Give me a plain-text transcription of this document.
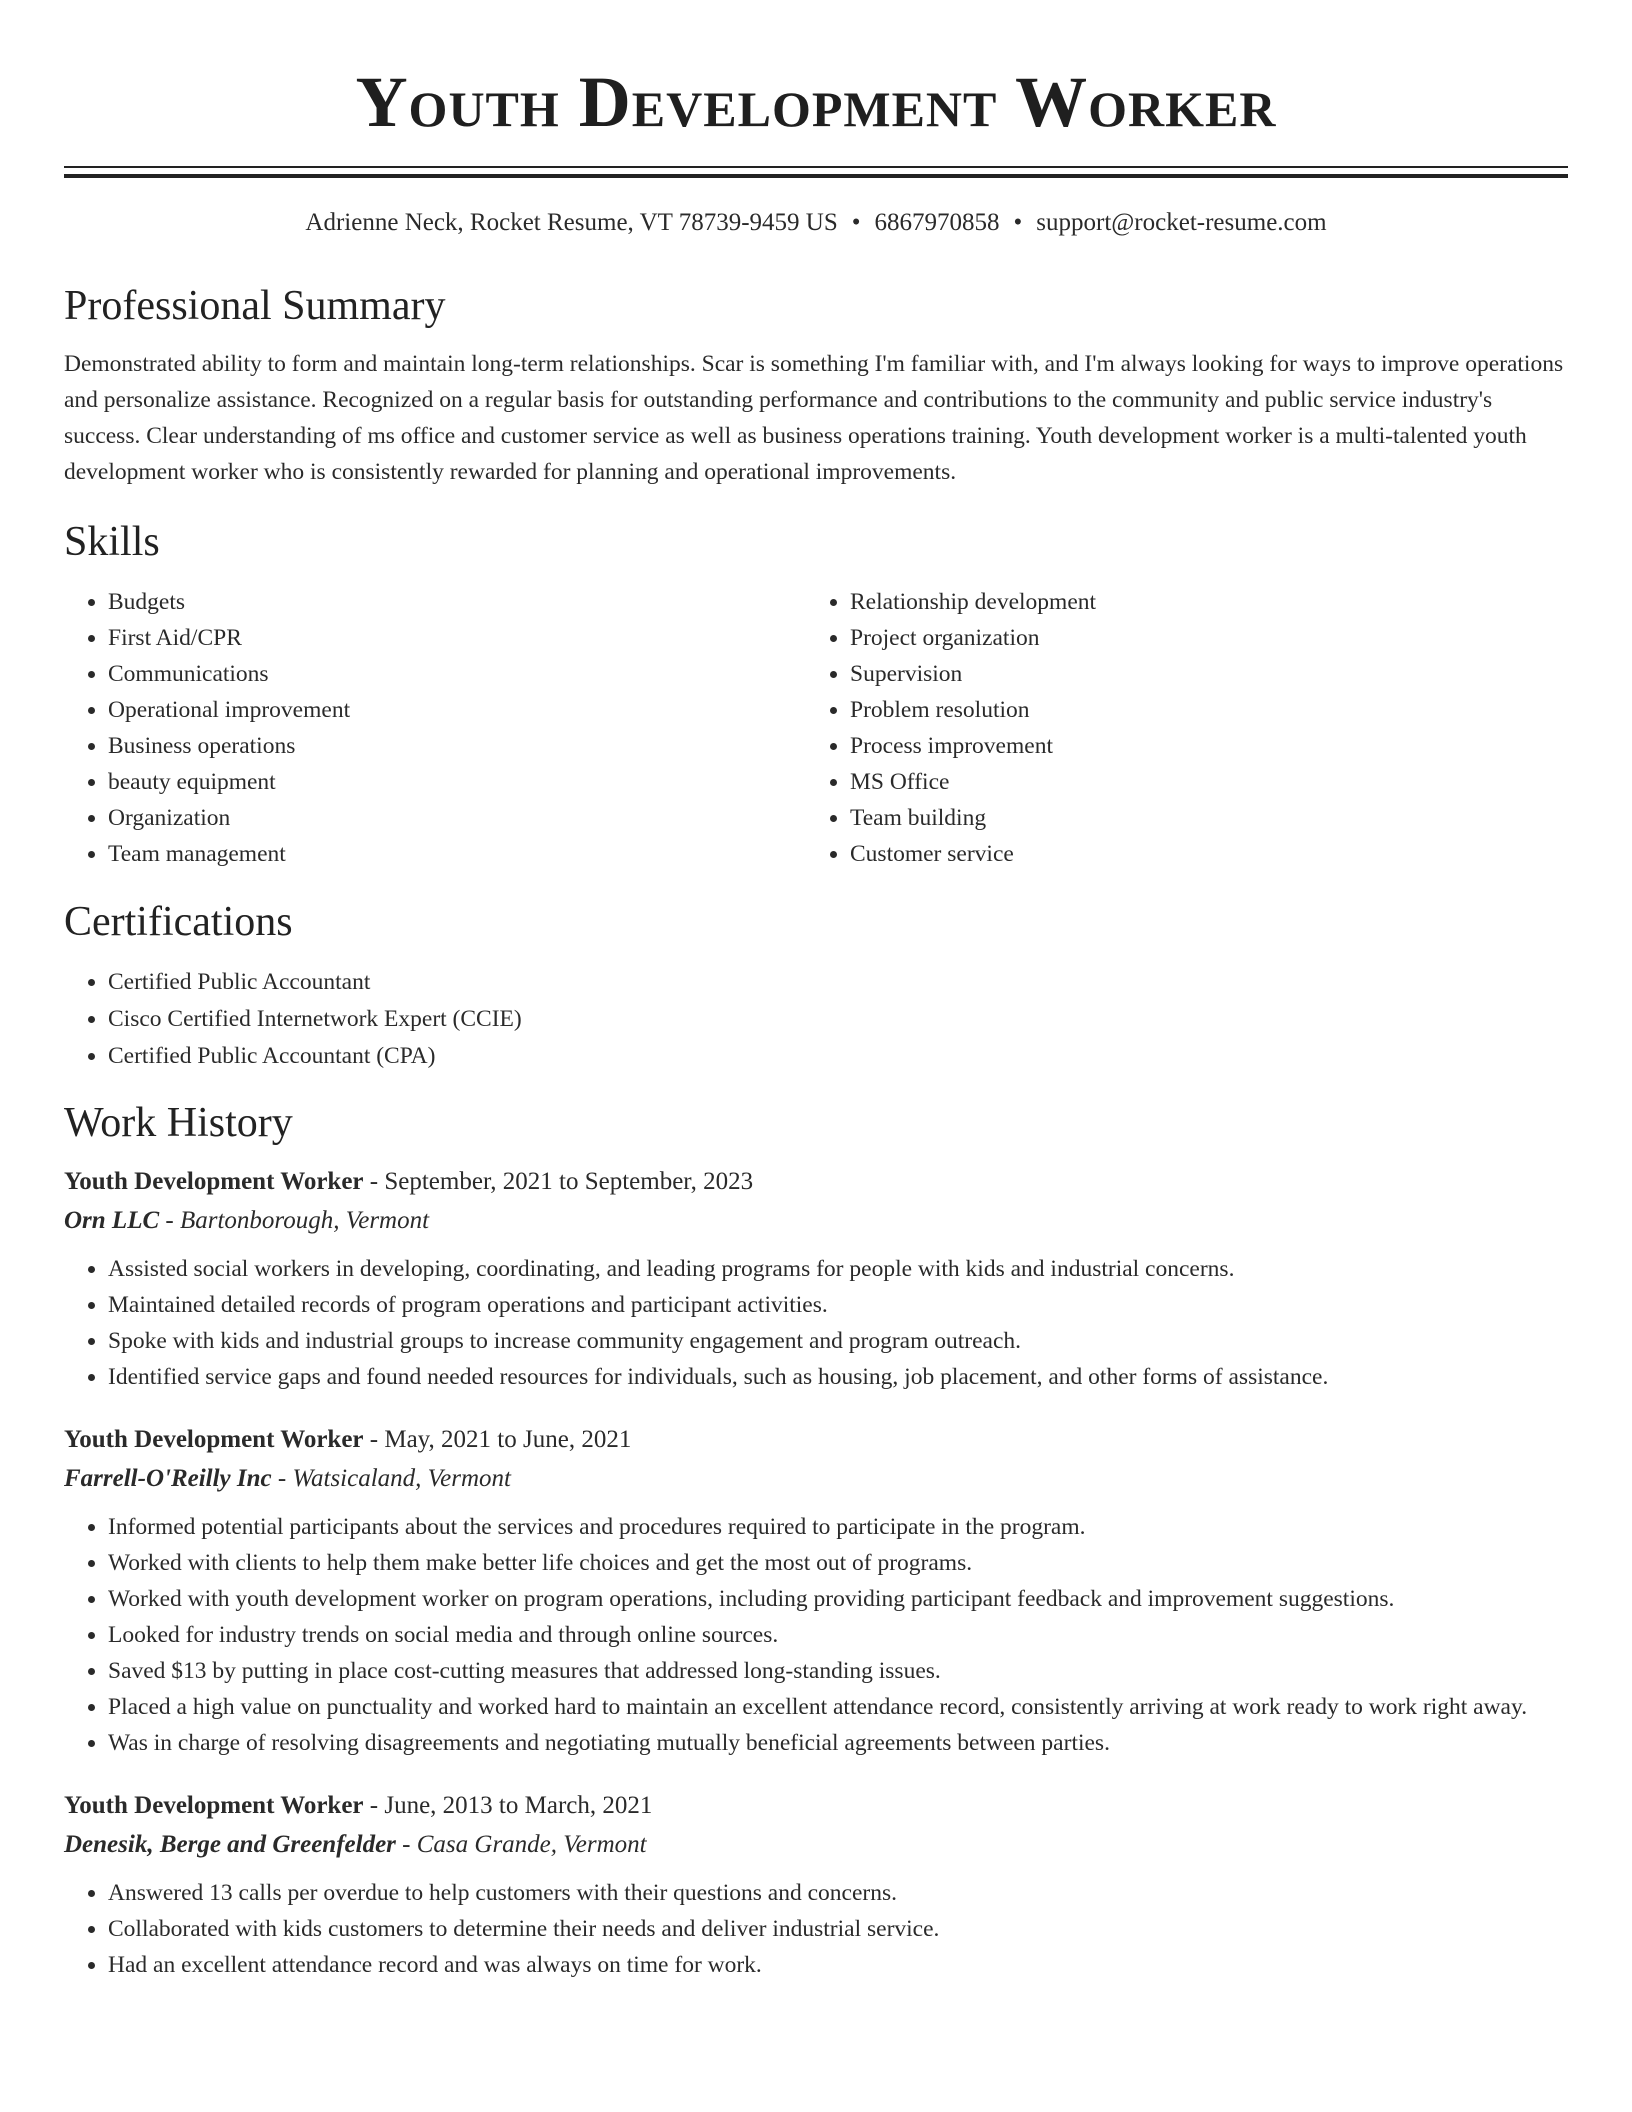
Youth Development Worker
Adrienne Neck, Rocket Resume, VT 78739-9459 US • 6867970858 • support@rocket-resume.com
Professional Summary
Demonstrated ability to form and maintain long-term relationships. Scar is something I'm familiar with, and I'm always looking for ways to improve operations and personalize assistance. Recognized on a regular basis for outstanding performance and contributions to the community and public service industry's success. Clear understanding of ms office and customer service as well as business operations training. Youth development worker is a multi-talented youth development worker who is consistently rewarded for planning and operational improvements.
Skills
• Budgets
• First Aid/CPR
• Communications
• Operational improvement
• Business operations
• beauty equipment
• Organization
• Team management
• Relationship development
• Project organization
• Supervision
• Problem resolution
• Process improvement
• MS Office
• Team building
• Customer service
Certifications
• Certified Public Accountant
• Cisco Certified Internetwork Expert (CCIE)
• Certified Public Accountant (CPA)
Work History
Youth Development Worker - September, 2021 to September, 2023
Orn LLC - Bartonborough, Vermont
• Assisted social workers in developing, coordinating, and leading programs for people with kids and industrial concerns.
• Maintained detailed records of program operations and participant activities.
• Spoke with kids and industrial groups to increase community engagement and program outreach.
• Identified service gaps and found needed resources for individuals, such as housing, job placement, and other forms of assistance.
Youth Development Worker - May, 2021 to June, 2021
Farrell-O'Reilly Inc - Watsicaland, Vermont
• Informed potential participants about the services and procedures required to participate in the program.
• Worked with clients to help them make better life choices and get the most out of programs.
• Worked with youth development worker on program operations, including providing participant feedback and improvement suggestions.
• Looked for industry trends on social media and through online sources.
• Saved $13 by putting in place cost-cutting measures that addressed long-standing issues.
• Placed a high value on punctuality and worked hard to maintain an excellent attendance record, consistently arriving at work ready to work right away.
• Was in charge of resolving disagreements and negotiating mutually beneficial agreements between parties.
Youth Development Worker - June, 2013 to March, 2021
Denesik, Berge and Greenfelder - Casa Grande, Vermont
• Answered 13 calls per overdue to help customers with their questions and concerns.
• Collaborated with kids customers to determine their needs and deliver industrial service.
• Had an excellent attendance record and was always on time for work.
